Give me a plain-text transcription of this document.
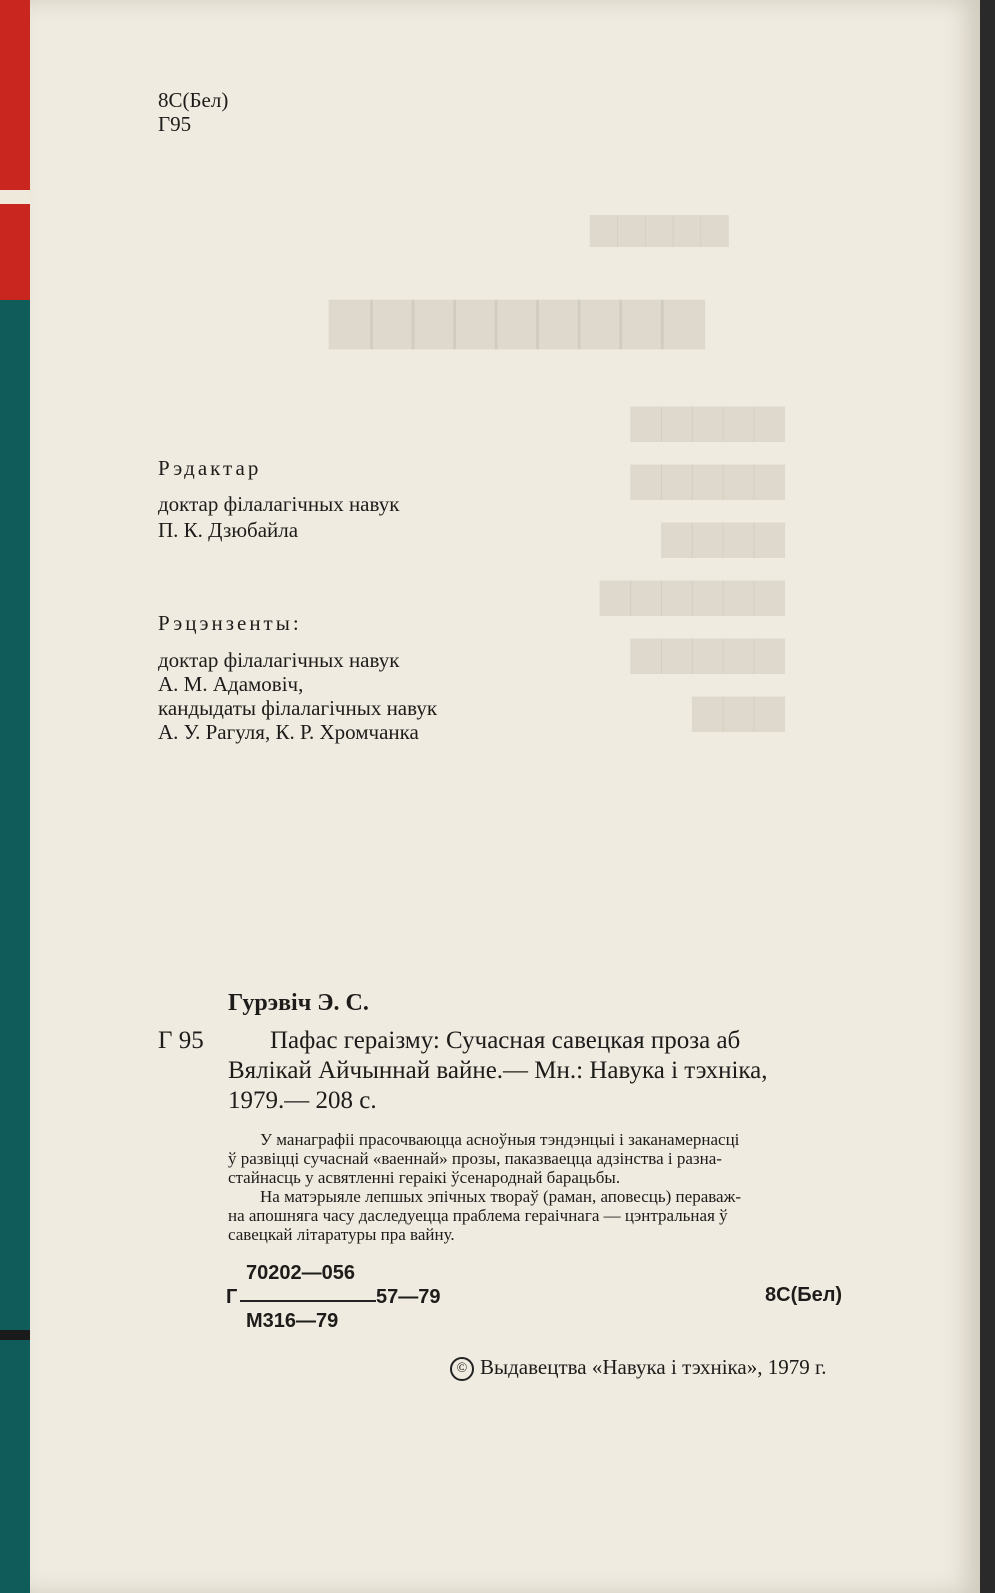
▆▆▆▆▆
▆▆▆▆▆▆▆▆▆
▆▆▆▆▆
▆▆▆▆▆
▆▆▆▆
▆▆▆▆▆▆
▆▆▆▆▆
▆▆▆
8С(Бел)
Г95
Рэдактар
доктар філалагічных навук
П. К. Дзюбайла
Рэцэнзенты:
доктар філалагічных навук
А. М. Адамовіч,
кандыдаты філалагічных навук
А. У. Рагуля, К. Р. Хромчанка
Гурэвіч Э. С.
Г 95	Пафас гераізму: Сучасная савецкая проза аб
Вялікай Айчыннай вайне.— Мн.: Навука і тэхніка,
1979.— 208 с.
У манаграфіі прасочваюцца асноўныя тэндэнцыі і заканамернасці
ў развіцці сучаснай «ваеннай» прозы, паказваецца адзінства і разна-
стайнасць у асвятленні гераікі ўсенароднай барацьбы.
На матэрыяле лепшых эпічных твораў (раман, аповесць) пераваж-
на апошняга часу даследуецца праблема гераічнага — цэнтральная ў
савецкай літаратуры пра вайну.
70202—056
Г	57—79
М316—79
8С(Бел)
© Выдавецтва «Навука і тэхніка», 1979 г.
